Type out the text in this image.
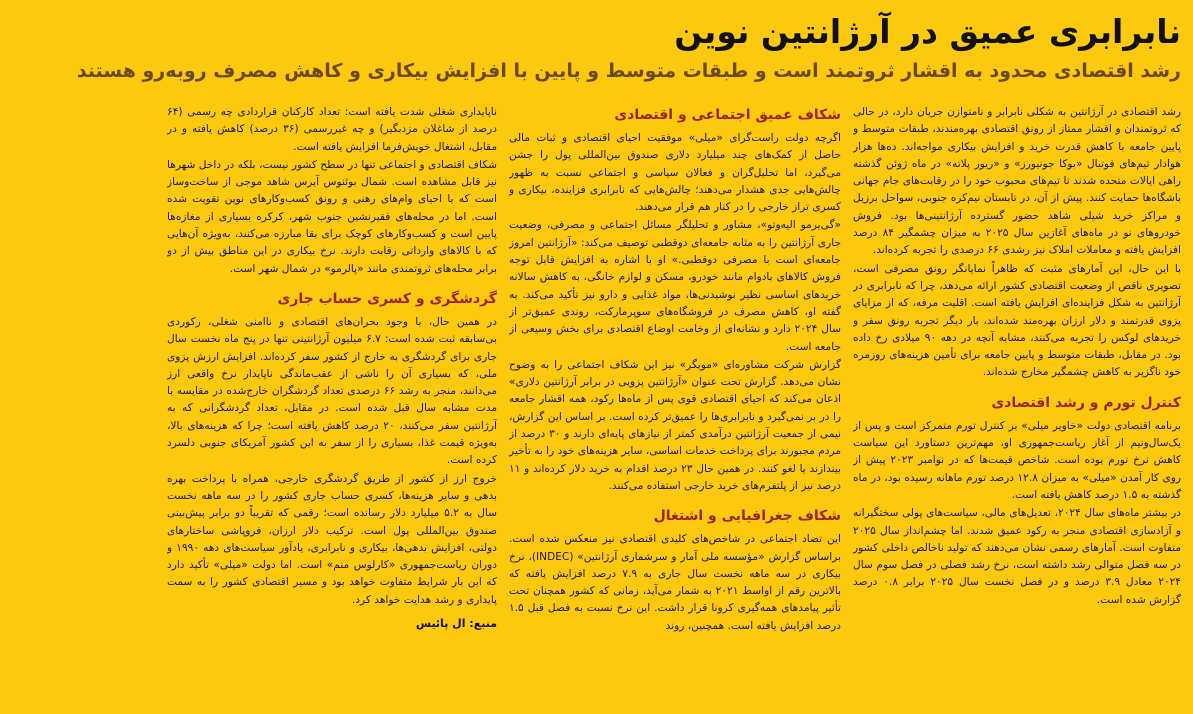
نابرابری عمیق در آرژانتین نوین
رشد اقتصادی محدود به اقشار ثروتمند است و طبقات متوسط و پایین با افزایش بیکاری و کاهش مصرف روبه‌رو هستند

رشد اقتصادی در آرژانتین به شکلی نابرابر و نامتوازن جریان دارد، در حالی که ثروتمندان و اقشار ممتاز از رونق اقتصادی بهره‌مندند، طبقات متوسط و پایین جامعه با کاهش قدرت خرید و افزایش بیکاری مواجه‌اند. ده‌ها هزار هوادار تیم‌های فوتبال «بوکا جونیورز» و «ریور پلاته» در ماه ژوئن گذشته راهی ایالات متحده شدند تا تیم‌های محبوب خود را در رقابت‌های جام جهانی باشگاه‌ها حمایت کنند. پیش از آن، در تابستان نیم‌کره جنوبی، سواحل برزیل و مراکز خرید شیلی شاهد حضور گسترده آرژانتینی‌ها بود. فروش خودروهای نو در ماه‌های آغازین سال ۲۰۲۵ به میزان چشمگیر ۸۴ درصد افزایش یافته و معاملات املاک نیز رشدی ۶۶ درصدی را تجربه کرده‌اند.

با این حال، این آمارهای مثبت که ظاهراً نمایانگر رونق مصرفی است، تصویری ناقص از وضعیت اقتصادی کشور ارائه می‌دهد، چرا که نابرابری در آرژانتین به شکل فزاینده‌ای افزایش یافته است. اقلیت مرفه، که از مزایای پزوی قدرتمند و دلار ارزان بهره‌مند شده‌اند، بار دیگر تجربه رونق سفر و خریدهای لوکس را تجربه می‌کنند، مشابه آنچه در دهه ۹۰ میلادی رخ داده بود. در مقابل، طبقات متوسط و پایین جامعه برای تأمین هزینه‌های روزمره خود ناگزیر به کاهش چشمگیر مخارج شده‌اند.

کنترل تورم و رشد اقتصادی

برنامه اقتصادی دولت «خاویر میلی» بر کنترل تورم متمرکز است و پس از یک‌سال‌ونیم از آغاز ریاست‌جمهوری او، مهم‌ترین دستاورد این سیاست کاهش نرخ تورم بوده است. شاخص قیمت‌ها که در نوامبر ۲۰۲۳ پیش از روی کار آمدن «میلی» به میزان ۱۲.۸ درصد تورم ماهانه رسیده بود، در ماه گذشته به ۱.۵ درصد کاهش یافته است.

در بیشتر ماه‌های سال ۲۰۲۴، تعدیل‌های مالی، سیاست‌های پولی سختگیرانه و آزادسازی اقتصادی منجر به رکود عمیق شدند. اما چشم‌انداز سال ۲۰۲۵ متفاوت است. آمارهای رسمی نشان می‌دهند که تولید ناخالص داخلی کشور در سه فصل متوالی رشد داشته است، نرخ رشد فصلی در فصل سوم سال ۲۰۲۴ معادل ۳.۹ درصد و در فصل نخست سال ۲۰۲۵ برابر ۰.۸ درصد گزارش شده است.

شکاف عمیق اجتماعی و اقتصادی

اگرچه دولت راست‌گرای «میلی» موفقیت احیای اقتصادی و ثبات مالی حاصل از کمک‌های چند میلیارد دلاری صندوق بین‌المللی پول را جشن می‌گیرد، اما تحلیل‌گران و فعالان سیاسی و اجتماعی نسبت به ظهور چالش‌هایی جدی هشدار می‌دهند؛ چالش‌هایی که نابرابری فزاینده، بیکاری و کسری تراز خارجی را در کنار هم قرار می‌دهند.

«گی‌یرمو الیه‌وتو»، مشاور و تحلیلگر مسائل اجتماعی و مصرفی، وضعیت جاری آرژانتین را به مثابه جامعه‌ای دوقطبی توصیف می‌کند: «آرژانتین امروز جامعه‌ای است با مصرفی دوقطبی.» او با اشاره به افزایش قابل توجه فروش کالاهای بادوام مانند خودرو، مسکن و لوازم خانگی، به کاهش سالانه خریدهای اساسی نظیر نوشیدنی‌ها، مواد غذایی و دارو نیز تأکید می‌کند. به گفته او، کاهش مصرف در فروشگاه‌های سوپرمارکت، روندی عمیق‌تر از سال ۲۰۲۴ دارد و نشانه‌ای از وخامت اوضاع اقتصادی برای بخش وسیعی از جامعه است.

گزارش شرکت مشاوره‌ای «مویگر» نیز این شکاف اجتماعی را به وضوح نشان می‌دهد. گزارش تحت عنوان «آرژانتین پزویی در برابر آرژانتین دلاری» اذعان می‌کند که احیای اقتصادی قوی پس از ماه‌ها رکود، همه اقشار جامعه را در بر نمی‌گیرد و نابرابری‌ها را عمیق‌تر کرده است. بر اساس این گزارش، نیمی از جمعیت آرژانتین درآمدی کمتر از نیازهای پایه‌ای دارند و ۳۰ درصد از مردم مجبورند برای پرداخت خدمات اساسی، سایر هزینه‌های خود را به تأخیر بیندازند یا لغو کنند. در همین حال ۲۳ درصد اقدام به خرید دلار کرده‌اند و ۱۱ درصد نیز از پلتفرم‌های خرید خارجی استفاده می‌کنند.

شکاف جغرافیایی و اشتغال

این تضاد اجتماعی در شاخص‌های کلیدی اقتصادی نیز منعکس شده است. براساس گزارش «مؤسسه ملی آمار و سرشماری آرژانتین» (INDEC)، نرخ بیکاری در سه ماهه نخست سال جاری به ۷.۹ درصد افزایش یافته که بالاترین رقم از اواسط ۲۰۲۱ به شمار می‌آید، زمانی که کشور همچنان تحت تأثیر پیامدهای همه‌گیری کرونا قرار داشت. این نرخ نسبت به فصل قبل ۱.۵ درصد افزایش یافته است. همچنین، روند

ناپایداری شغلی شدت یافته است: تعداد کارکنان قراردادی چه رسمی (۶۴ درصد از شاغلان مزدبگیر) و چه غیررسمی (۳۶ درصد) کاهش یافته و در مقابل، اشتغال خویش‌فرما افزایش یافته است.

شکاف اقتصادی و اجتماعی تنها در سطح کشور نیست، بلکه در داخل شهرها نیز قابل مشاهده است. شمال بوئنوس آیرس شاهد موجی از ساخت‌وساز است که با احیای وام‌های رهنی و رونق کسب‌وکارهای نوین تقویت شده است. اما در محله‌های فقیرنشین جنوب شهر، کرکره بسیاری از مغازه‌ها پایین است و کسب‌وکارهای کوچک برای بقا مبارزه می‌کنند، به‌ویژه آن‌هایی که با کالاهای وارداتی رقابت دارند. نرخ بیکاری در این مناطق بیش از دو برابر محله‌های ثروتمندی مانند «پالرمو» در شمال شهر است.

گردشگری و کسری حساب جاری

در همین حال، با وجود بحران‌های اقتصادی و ناامنی شغلی، رکوردی بی‌سابقه ثبت شده است: ۶.۷ میلیون آرژانتینی تنها در پنج ماه نخست سال جاری برای گردشگری به خارج از کشور سفر کرده‌اند. افزایش ارزش پزوی ملی، که بسیاری آن را ناشی از عقب‌ماندگی ناپایدار نرخ واقعی ارز می‌دانند، منجر به رشد ۶۶ درصدی تعداد گردشگران خارج‌شده در مقایسه با مدت مشابه سال قبل شده است. در مقابل، تعداد گردشگرانی که به آرژانتین سفر می‌کنند، ۲۰ درصد کاهش یافته است؛ چرا که هزینه‌های بالا، به‌ویژه قیمت غذا، بسیاری را از سفر به این کشور آمریکای جنوبی دلسرد کرده است.

خروج ارز از کشور از طریق گردشگری خارجی، همراه با پرداخت بهره بدهی و سایر هزینه‌ها، کسری حساب جاری کشور را در سه ماهه نخست سال به ۵.۲ میلیارد دلار رسانده است؛ رقمی که تقریباً دو برابر پیش‌بینی صندوق بین‌المللی پول است. ترکیب دلار ارزان، فروپاشی ساختارهای دولتی، افزایش بدهی‌ها، بیکاری و نابرابری، یادآور سیاست‌های دهه ۱۹۹۰ و دوران ریاست‌جمهوری «کارلوس منم» است. اما دولت «میلی» تأکید دارد که این بار شرایط متفاوت خواهد بود و مسیر اقتصادی کشور را به سمت پایداری و رشد هدایت خواهد کرد.

منبع: ال پائیس
